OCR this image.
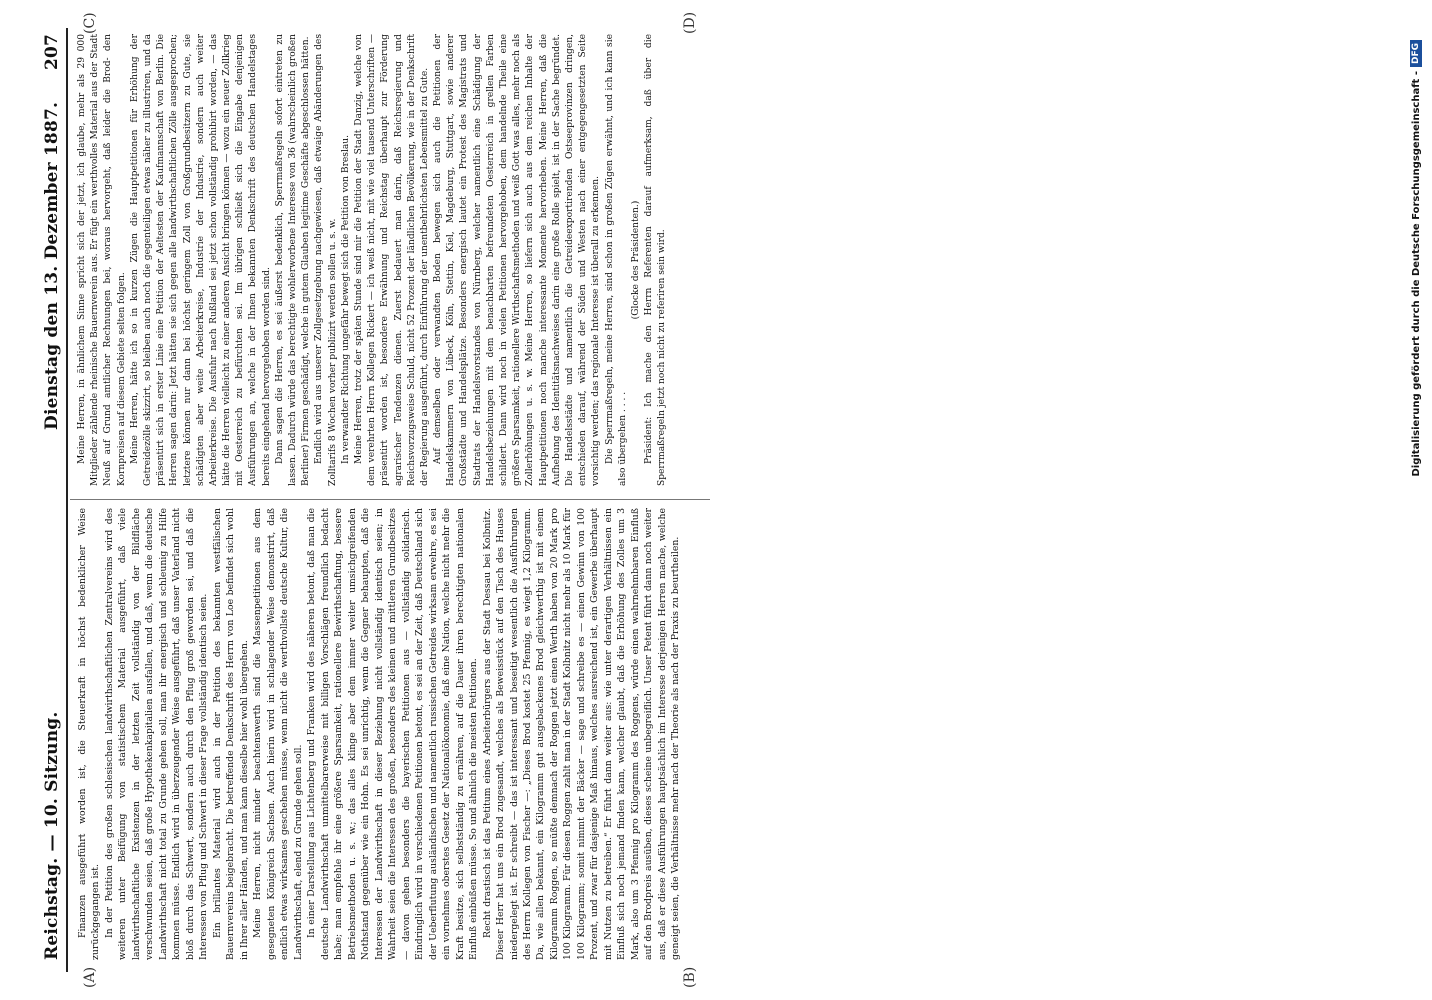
Reichstag. — 10. Sitzung.
Dienstag den 13. Dezember 1887.
207
(A)	(B)
(C)	(D)

Finanzen ausgeführt worden ist, die Steuerkraft in höchst bedenklicher Weise zurückgegangen ist. In der Petition des großen schlesischen landwirthschaftlichen Zentralvereins wird des weiteren unter Beifügung von statistischem Material ausgeführt, daß viele landwirthschaftliche Existenzen in der letzten Zeit vollständig von der Bildfläche verschwunden seien, daß große Hypothekenkapitalien ausfallen, und daß, wenn die deutsche Landwirthschaft nicht total zu Grunde gehen soll, man ihr energisch und schleunig zu Hilfe kommen müsse. Endlich wird in überzeugender Weise ausgeführt, daß unser Vaterland nicht bloß durch das Schwert, sondern auch durch den Pflug groß geworden sei, und daß die Interessen von Pflug und Schwert in dieser Frage vollständig identisch seien. Ein brillantes Material wird auch in der Petition des bekannten westfälischen Bauernvereins beigebracht. Die betreffende Denkschrift des Herrn von Loe befindet sich wohl in Ihrer aller Händen, und man kann dieselbe hier wohl übergehen. Meine Herren, nicht minder beachtenswerth sind die Massenpetitionen aus dem gesegneten Königreich Sachsen. Auch hierin wird in schlagender Weise demonstrirt, daß endlich etwas wirksames geschehen müsse, wenn nicht die werthvollste deutsche Kultur, die Landwirthschaft, elend zu Grunde gehen soll. In einer Darstellung aus Lichtenberg und Franken wird des näheren betont, daß man die deutsche Landwirthschaft unmittelbarerweise mit billigen Vorschlägen freundlich bedacht habe; man empfehle ihr eine größere Sparsamkeit, rationellere Bewirthschaftung, bessere Betriebsmethoden u. s. w.; das alles klinge aber dem immer weiter umsichgreifenden Nothstand gegenüber wie ein Hohn. Es sei unrichtig, wenn die Gegner behaupten, daß die Interessen der Landwirthschaft in dieser Beziehung nicht vollständig identisch seien; in Wahrheit seien die Interessen des großen, besonders des kleinen und mittleren Grundbesitzes — davon gehen besonders die bayerischen Petitionen aus — vollständig solidarisch. Eindringlich wird in verschiedenen Petitionen betont, es sei an der Zeit, daß Deutschland sich der Ueberflutung ausländischen und namentlich russischen Getreides wirksam erwehre, es sei ein vornehmes oberstes Gesetz der Nationalökonomie, daß eine Nation, welche nicht mehr die Kraft besitze, sich selbstständig zu ernähren, auf die Dauer ihren berechtigten nationalen Einfluß einbüßen müsse. So und ähnlich die meisten Petitionen. Recht drastisch ist das Petitum eines Arbeiterbürgers aus der Stadt Dessau bei Kolbnitz. Dieser Herr hat uns ein Brod zugesandt, welches als Beweisstück auf den Tisch des Hauses niedergelegt ist. Er schreibt — das ist interessant und beseitigt wesentlich die Ausführungen des Herrn Kollegen von Fischer —: „Dieses Brod kostet 25 Pfennig, es wiegt 1,2 Kilogramm. Da, wie allen bekannt, ein Kilogramm gut ausgebackenes Brod gleichwerthig ist mit einem Kilogramm Roggen, so müßte demnach der Roggen jetzt einen Werth haben von 20 Mark pro 100 Kilogramm. Für diesen Roggen zahlt man in der Stadt Kolbnitz nicht mehr als 10 Mark für 100 Kilogramm; somit nimmt der Bäcker — sage und schreibe es — einen Gewinn von 100 Prozent, und zwar für dasjenige Maß hinaus, welches ausreichend ist, ein Gewerbe überhaupt mit Nutzen zu betreiben.“ Er führt dann weiter aus: wie unter derartigen Verhältnissen ein Einfluß sich noch jemand finden kann, welcher glaubt, daß die Erhöhung des Zolles um 3 Mark, also um 3 Pfennig pro Kilogramm des Roggens, würde einen wahrnehmbaren Einfluß auf den Brodpreis ausüben, dieses scheine unbegreiflich. Unser Petent führt dann noch weiter aus, daß er diese Ausführungen hauptsächlich im Interesse derjenigen Herren mache, welche geneigt seien, die Verhältnisse mehr nach der Theorie als nach der Praxis zu beurtheilen.

Meine Herren, in ähnlichem Sinne spricht sich der jetzt, ich glaube, mehr als 29 000 Mitglieder zählende rheinische Bauernverein aus. Er fügt ein werthvolles Material aus der Stadt Neuß auf Grund amtlicher Rechnungen bei, woraus hervorgeht, daß leider die Brod- den Kornpreisen auf diesem Gebiete selten folgen. Meine Herren, hätte ich so in kurzen Zügen die Hauptpetitionen für Erhöhung der Getreidezölle skizzirt, so bleiben auch noch die gegenteiligen etwas näher zu illustriren, und da präsentirt sich in erster Linie eine Petition der Aeltesten der Kaufmannschaft von Berlin. Die Herren sagen darin: Jetzt hätten sie sich gegen alle landwirthschaftlichen Zölle ausgesprochen; letztere können nur dann bei höchst geringem Zoll von Großgrundbesitzern zu Gute, sie schädigten aber weite Arbeiterkreise, Industrie der Industrie, sondern auch weiter Arbeiterkreise. Die Ausfuhr nach Rußland sei jetzt schon vollständig prohibirt worden, — das hätte die Herren vielleicht zu einer anderen Ansicht bringen können — wozu ein neuer Zollkrieg mit Oesterreich zu befürchten sei. Im übrigen schließt sich die Eingabe denjenigen Ausführungen an, welche in der Ihnen bekannten Denkschrift des deutschen Handelstages bereits eingehend hervorgehoben worden sind. Dann sagen die Herren, es sei äußerst bedenklich, Sperrmaßregeln sofort eintreten zu lassen. Dadurch würde das berechtigte wohlerworbene Interesse von 36 (wahrscheinlich großen Berliner) Firmen geschädigt, welche in gutem Glauben legitime Geschäfte abgeschlossen hätten. Endlich wird aus unserer Zollgesetzgebung nachgewiesen, daß etwaige Abänderungen des Zolltarifs 8 Wochen vorher publizirt werden sollen u. s. w. In verwandter Richtung ungefähr bewegt sich die Petition von Breslau. Meine Herren, trotz der späten Stunde sind mir die Petition der Stadt Danzig, welche von dem verehrten Herrn Kollegen Rickert — ich weiß nicht, mit wie viel tausend Unterschriften — präsentirt worden ist, besondere Erwähnung und Reichstag überhaupt zur Förderung agrarischer Tendenzen dienen. Zuerst bedauert man darin, daß Reichsregierung und Reichsvorzugsweise Schuld, nicht 52 Prozent der ländlichen Bevölkerung, wie in der Denkschrift der Regierung ausgeführt, durch Einführung der unentbehrlichsten Lebensmittel zu Gute. Auf demselben oder verwandten Boden bewegen sich auch die Petitionen der Handelskammern von Lübeck, Köln, Stettin, Kiel, Magdeburg, Stuttgart, sowie anderer Großstädte und Handelsplätze. Besonders energisch lautet ein Protest des Magistrats und Stadtrats der Handelsvorstandes von Nürnberg, welcher namentlich eine Schädigung der Handelsbeziehungen mit dem benachbarten befreundeten Oesterreich in grellen Farben schildert. Dann wird noch in vielen Petitionen hervorgehoben, dem handelnde Theile eine größere Sparsamkeit, rationellere Wirthschaftsmethoden und weiß Gott was alles, mehr noch als Zollerhöhungen u. s. w. Meine Herren, so liefern sich auch aus dem reichen Inhalte der Hauptpetitionen noch manche interessante Momente hervorheben. Meine Herren, daß die Aufhebung des Identitätsnachweises darin eine große Rolle spielt, ist in der Sache begründet. Die Handelsstädte und namentlich die Getreideexportirenden Ostseeprovinzen dringen, entschieden darauf, während der Süden und Westen nach einer entgegengesetzten Seite vorsichtig werden; das regionale Interesse ist überall zu erkennen. Die Sperrmaßregeln, meine Herren, sind schon in großen Zügen erwähnt, und ich kann sie also übergehen . . . .

(Glocke des Präsidenten.) Präsident: Ich mache den Herrn Referenten darauf aufmerksam, daß über die Sperrmaßregeln jetzt noch nicht zu referiren sein wird.	Digitalisierung gefördert durch die Deutsche Forschungsgemeinschaft -
DFG
